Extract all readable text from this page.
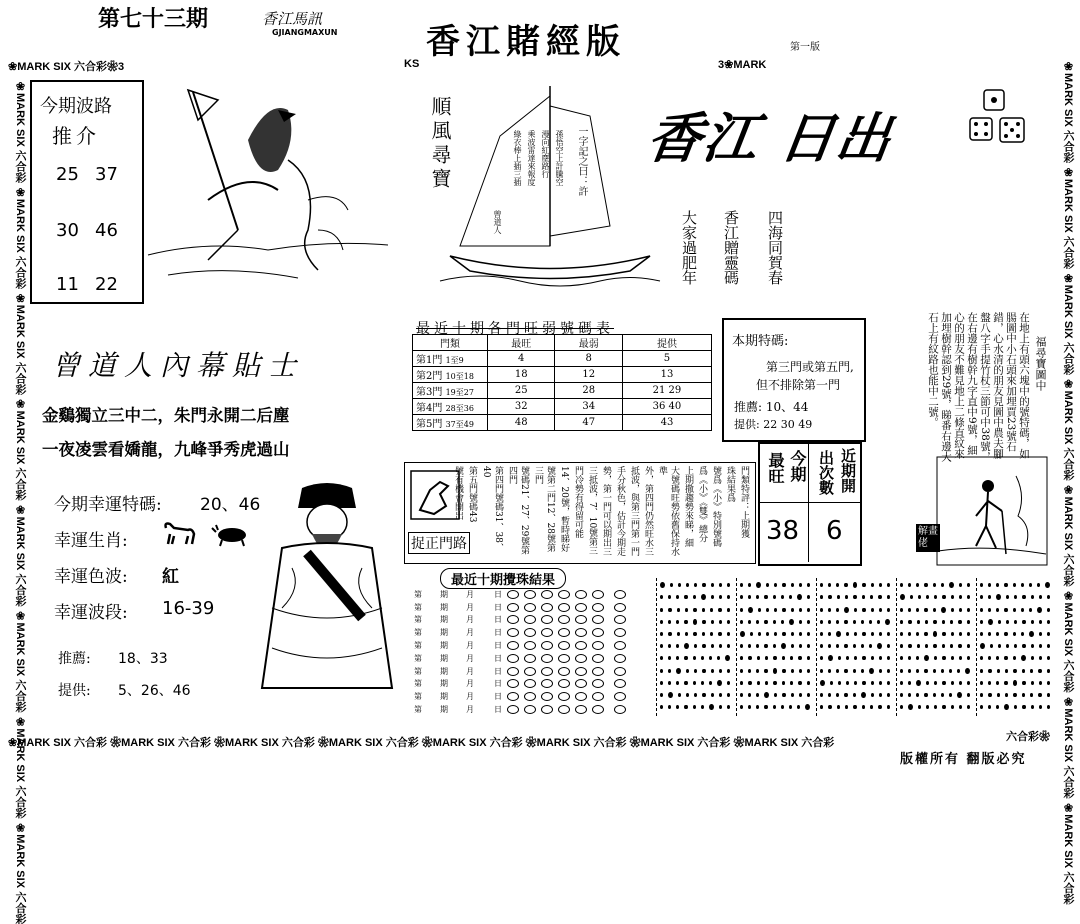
第七十三期	香江馬訊
GJIANGMAXUN	香江賭經版	第一版
❀MARK SIX 六合彩❀3	KS	3❀MARK
❀MARK SIX 六合彩 ❀MARK SIX 六合彩 ❀MARK SIX 六合彩 ❀MARK SIX 六合彩 ❀MARK SIX 六合彩 ❀MARK SIX 六合彩 ❀MARK SIX 六合彩 ❀MARK SIX 六合彩	❀MARK SIX 六合彩 ❀MARK SIX 六合彩 ❀MARK SIX 六合彩 ❀MARK SIX 六合彩 ❀MARK SIX 六合彩 ❀MARK SIX 六合彩 ❀MARK SIX 六合彩 ❀MARK SIX 六合彩
❀MARK SIX 六合彩 ❀MARK SIX 六合彩 ❀MARK SIX 六合彩 ❀MARK SIX 六合彩 ❀MARK SIX 六合彩 ❀MARK SIX 六合彩 ❀MARK SIX 六合彩 ❀MARK SIX 六合彩	六合彩❀
版權所有 翻版必究
今期波路
推介
25 37
30 46
11 22
順風尋寶	綠衣棒上插三插 乘波雷達來報度 漫向紅塵路行 孫悟空上計騰空 一字記之曰：許
曾道人
香江 日出
四海同賀春
香江贈靈碼
大家過肥年
曾道人內幕貼士
金鷄獨立三中二，朱門永開二后塵
一夜凌雲看嬌龍，九峰爭秀虎過山
今期幸運特碼: 20、46
幸運生肖:
幸運色波: 紅
幸運波段: 16-39
推薦: 18、33
提供: 5、26、46
最近十期各門旺弱號碼表
門類	最旺	最弱	提供
第1門 1至9	4	8	5
第2門 10至18	18	12	13
第3門 19至27	25	28	21 29
第4門 28至36	32	34	36 40
第5門 37至49	48	47	43
本期特碼:
第三門或第五門,
但不排除第一門
推薦: 10、44
提供: 22 30 49
福尋寶圖中
在地上有頭六塊中的號特碼，如腸圖中小石頭來加埋賈23號石錯，心水清的朋友見圖中農夫腳盤八字手提竹杖三節可中38號，在右邊有樹幹九字直中9號，細心的朋友不難見地上二條直紋來加埋樹幹認到29號，睇番右邊大石上有紋路也能中二號。
解畫佬
捉正門路
門類特評：上期獲
珠結果爲
號爲《小》特別號碼
爲《小》《雙》總分
上期撒趨勢來睇，細
大號碼旺勢依舊保持水準
外，第四門仍然旺水三
抵波，與第三門第一門
手分秋色，估計今期走
勢，第一門可以期出三
三抵波，7、10號第三
門冷勢有得留可能
14、20號，暫時睇好
號第二門12、28號第三門
號碼21、27、29號第四門
第四門號碼31、38、40
第五門號碼43
號有機會開出	最旺 今期 出次數 近期開
38 6
最近十期攪珠結果
第	期	月	日
第	期	月	日
第	期	月	日
第	期	月	日
第	期	月	日
第	期	月	日
第	期	月	日
第	期	月	日
第	期	月	日
第	期	月	日
